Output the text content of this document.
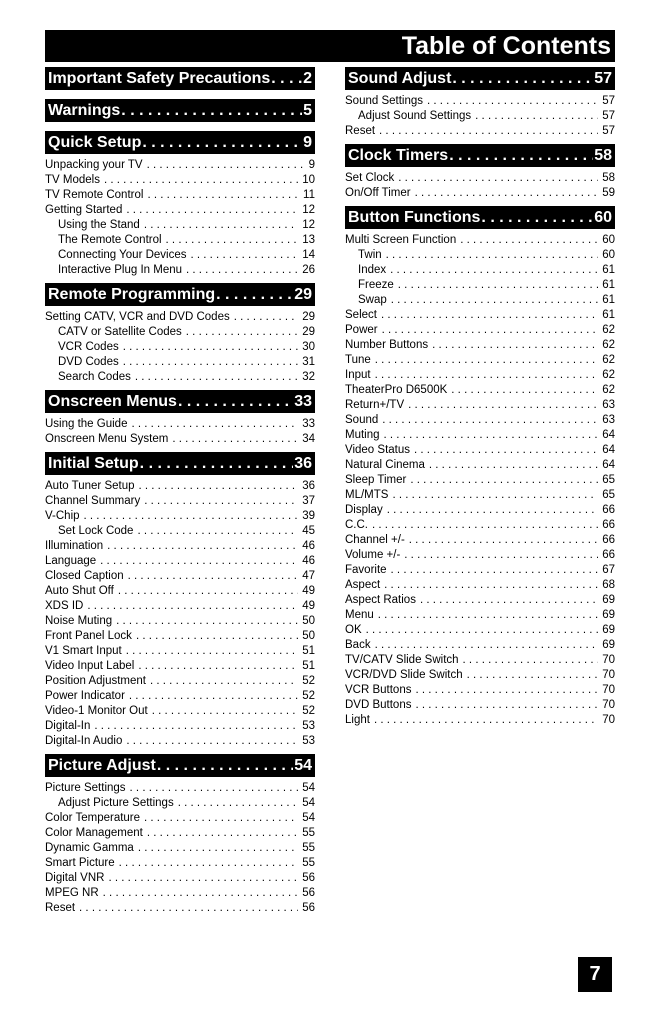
Table of Contents
Important Safety Precautions . . 2
Warnings . .	5
Quick Setup . .	9
Unpacking your TV . .	9
TV Models . .	10
TV Remote Control . .	11
Getting Started . .	12
Using the Stand . .	12
The Remote Control . .	13
Connecting Your Devices . .	14
Interactive Plug In Menu . .	26
Remote Programming . .	29
Setting CATV, VCR and DVD Codes . .	29
CATV or Satellite Codes . .	29
VCR Codes . .	30
DVD Codes . .	31
Search Codes . .	32
Onscreen Menus . .	33
Using the Guide . .	33
Onscreen Menu System . .	34
Initial Setup . .	36
Auto Tuner Setup . .	36
Channel Summary . .	37
V-Chip . .	39
Set Lock Code . .	45
Illumination . .	46
Language . .	46
Closed Caption . .	47
Auto Shut Off . .	49
XDS ID . .	49
Noise Muting . .	50
Front Panel Lock . .	50
V1 Smart Input . .	51
Video Input Label . .	51
Position Adjustment . .	52
Power Indicator . .	52
Video-1 Monitor Out . .	52
Digital-In . .	53
Digital-In Audio . .	53
Picture Adjust . .	54
Picture Settings . .	54
Adjust Picture Settings . .	54
Color Temperature . .	54
Color Management . .	55
Dynamic Gamma . .	55
Smart Picture . .	55
Digital VNR . .	56
MPEG NR . .	56
Reset . .	56
Sound Adjust . .	57
Sound Settings . .	57
Adjust Sound Settings . .	57
Reset . .	57
Clock Timers . .	58
Set Clock . .	58
On/Off Timer . .	59
Button Functions . .	60
Multi Screen Function . .	60
Twin . .	60
Index . .	61
Freeze . .	61
Swap . .	61
Select . .	61
Power . .	62
Number Buttons . .	62
Tune . .	62
Input . .	62
TheaterPro D6500K . .	62
Return+/TV . .	63
Sound . .	63
Muting . .	64
Video Status . .	64
Natural Cinema . .	64
Sleep Timer . .	65
ML/MTS . .	65
Display . .	66
C.C. . .	66
Channel +/- . .	66
Volume +/- . .	66
Favorite . .	67
Aspect . .	68
Aspect Ratios . .	69
Menu . .	69
OK . .	69
Back . .	69
TV/CATV Slide Switch . .	70
VCR/DVD Slide Switch . .	70
VCR Buttons . .	70
DVD Buttons . .	70
Light . .	70
7
